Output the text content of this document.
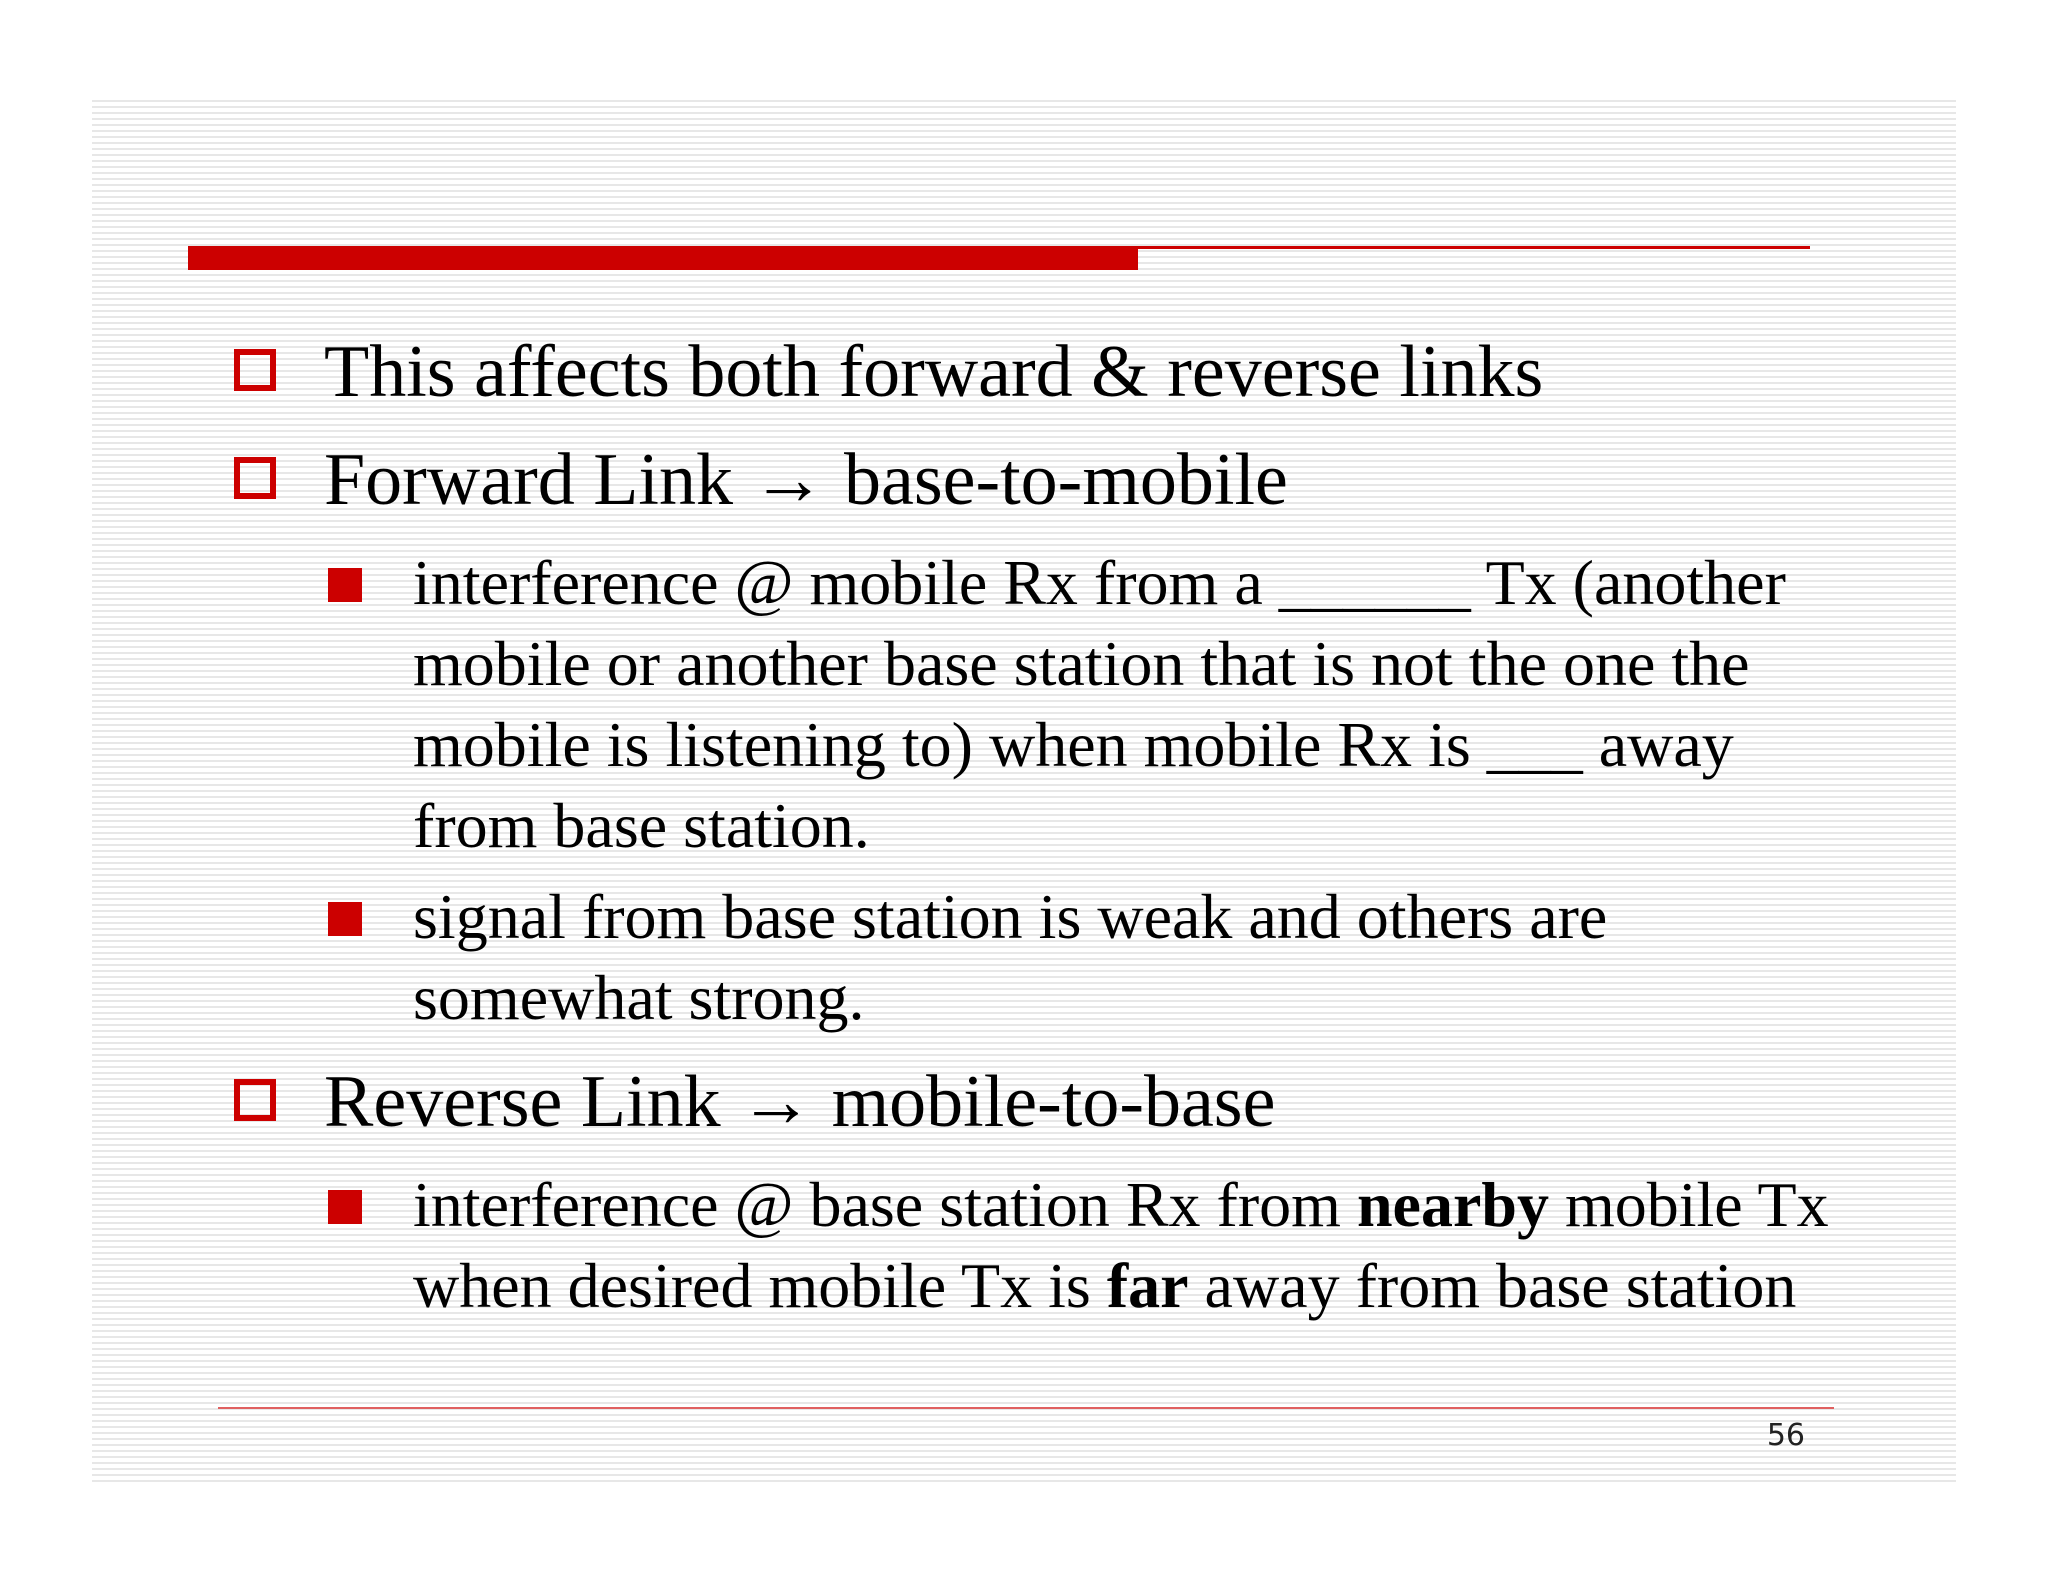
This affects both forward & reverse links
Forward Link → base-to-mobile
interference @ mobile Rx from a ______ Tx (another mobile or another base station that is not the one the mobile is listening to) when mobile Rx is ___ away from base station.
signal from base station is weak and others are somewhat strong.
Reverse Link → mobile-to-base
interference @ base station Rx from nearby mobile Tx when desired mobile Tx is far away from base station
56
